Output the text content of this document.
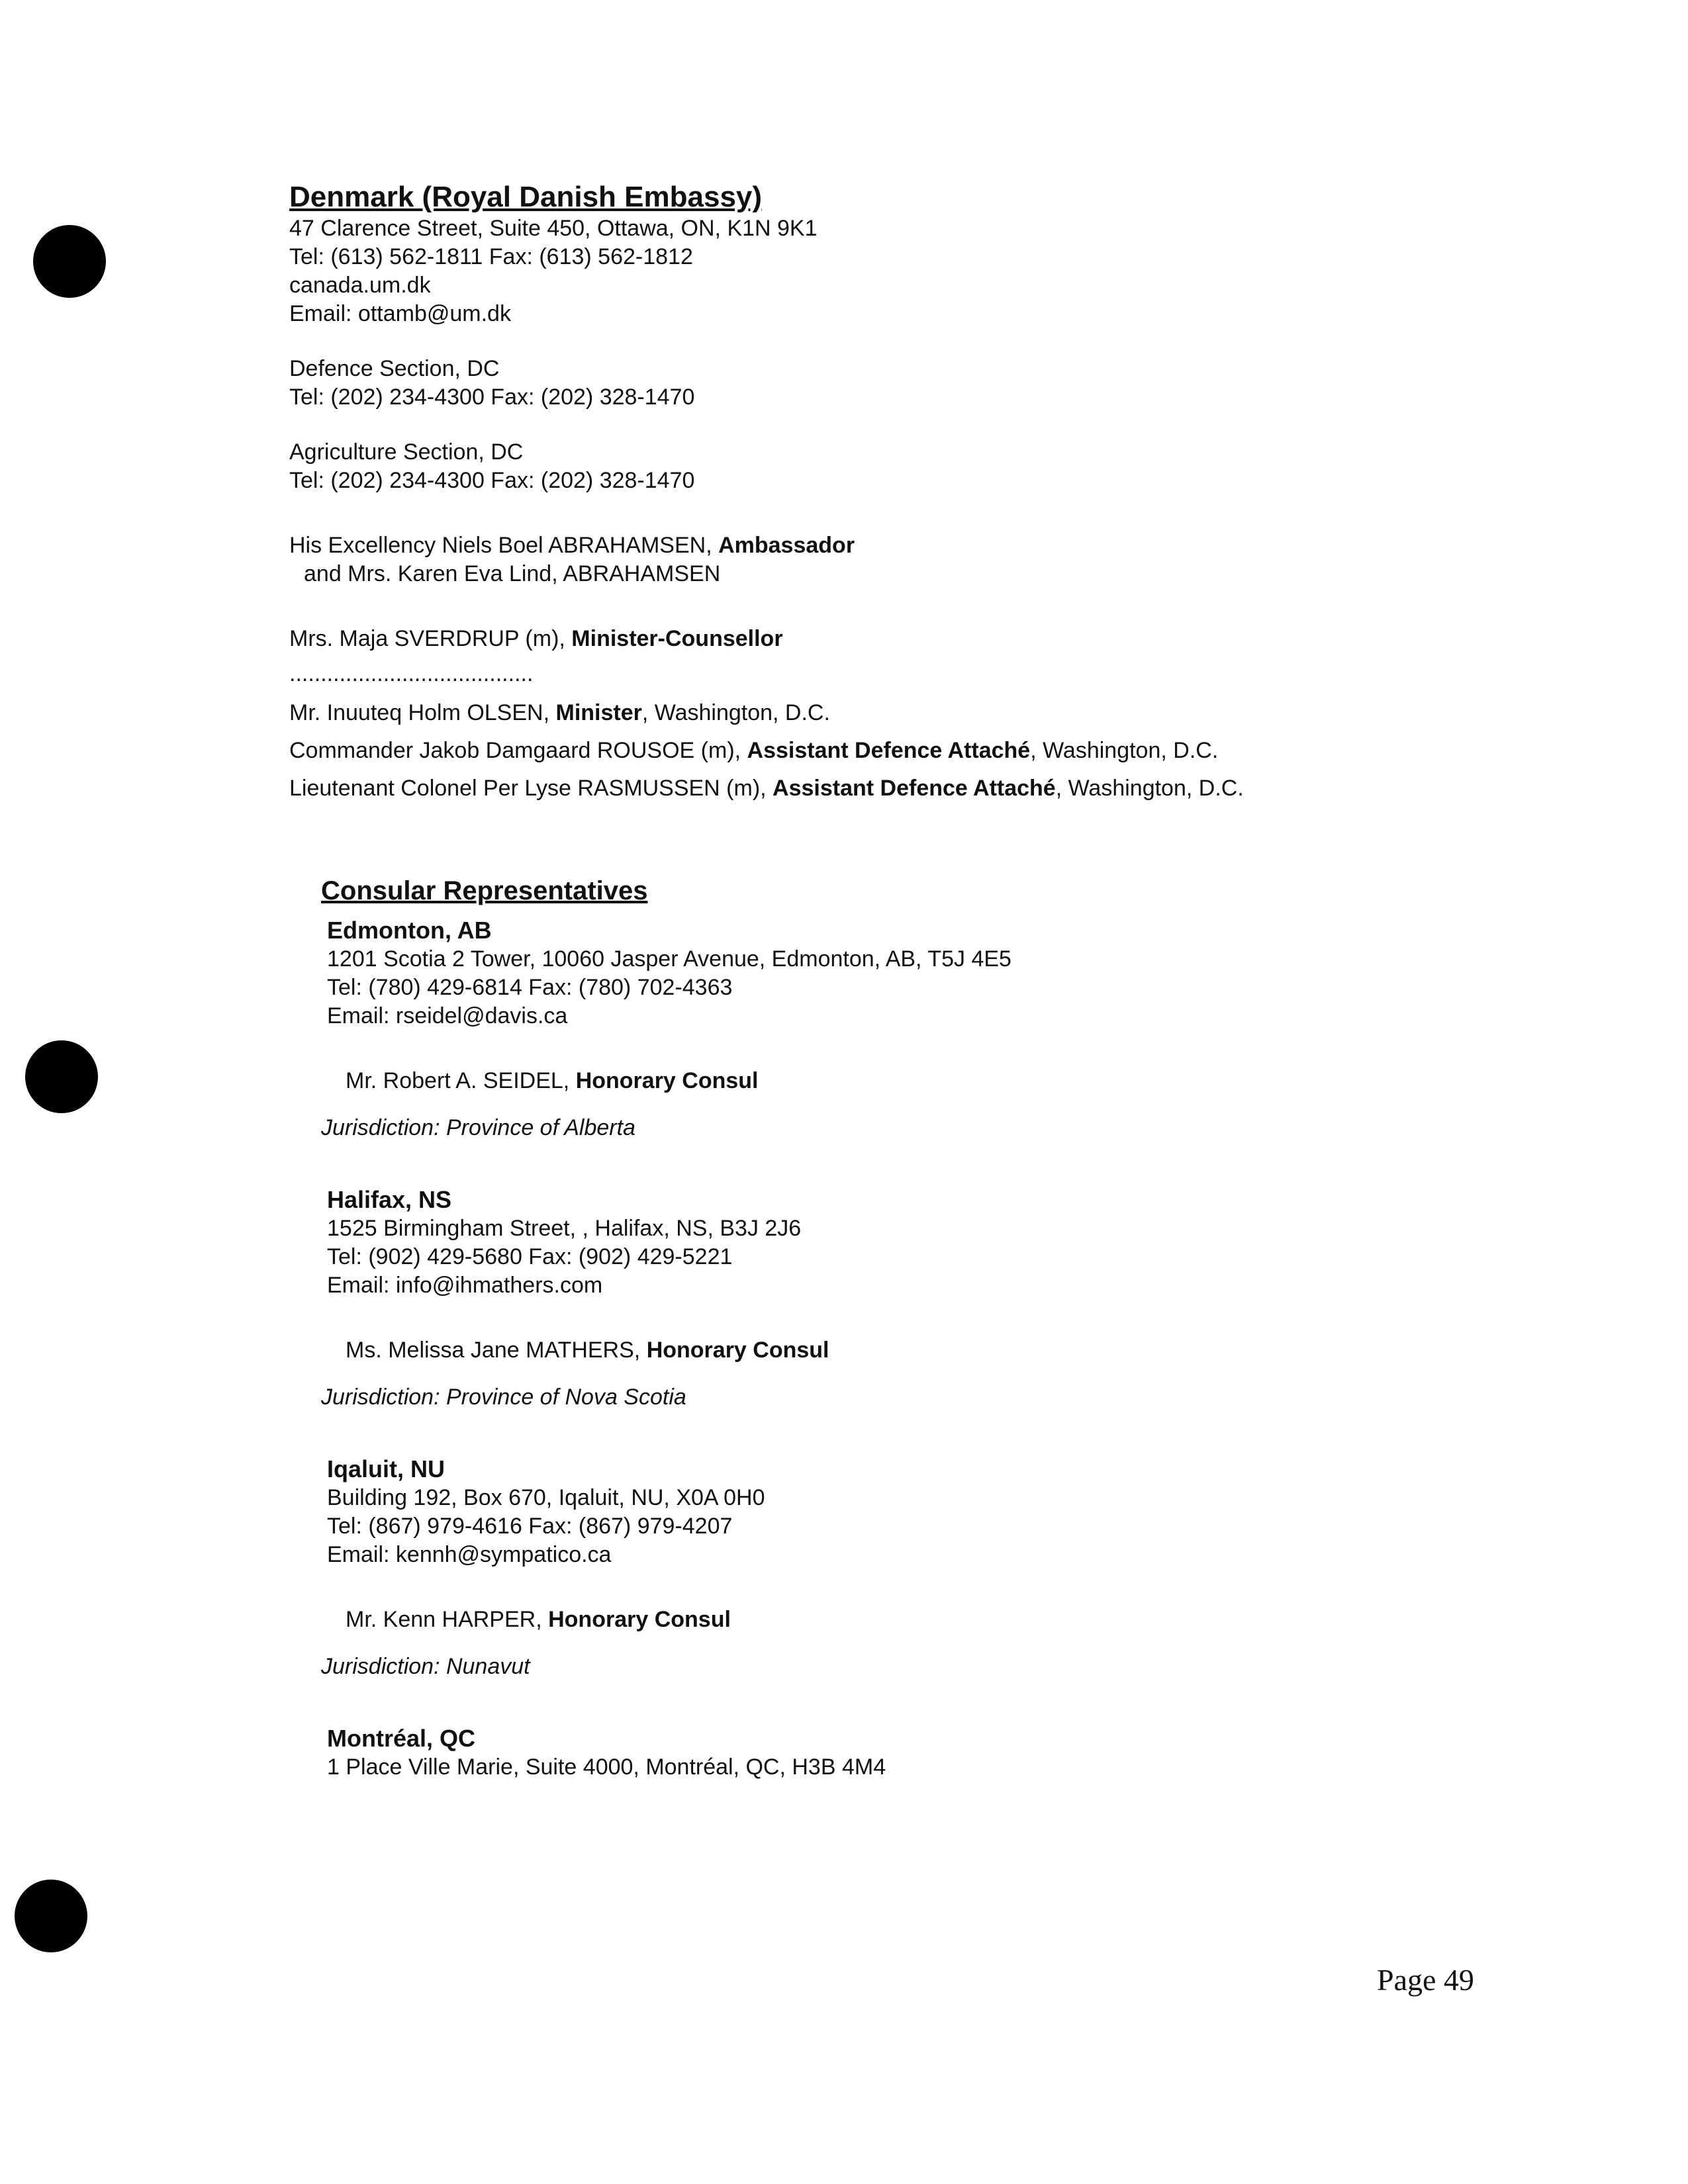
Denmark (Royal Danish Embassy)
47 Clarence Street, Suite 450, Ottawa, ON, K1N 9K1
Tel: (613) 562-1811 Fax: (613) 562-1812
canada.um.dk
Email: ottamb@um.dk
Defence Section, DC
Tel: (202) 234-4300 Fax: (202) 328-1470
Agriculture Section, DC
Tel: (202) 234-4300 Fax: (202) 328-1470
His Excellency Niels Boel ABRAHAMSEN, Ambassador
and Mrs. Karen Eva Lind, ABRAHAMSEN
Mrs. Maja SVERDRUP (m), Minister-Counsellor
.......................................
Mr. Inuuteq Holm OLSEN, Minister, Washington, D.C.
Commander Jakob Damgaard ROUSOE (m), Assistant Defence Attaché, Washington, D.C.
Lieutenant Colonel Per Lyse RASMUSSEN (m), Assistant Defence Attaché, Washington, D.C.
Consular Representatives
Edmonton, AB
1201 Scotia 2 Tower, 10060 Jasper Avenue, Edmonton, AB, T5J 4E5
Tel: (780) 429-6814 Fax: (780) 702-4363
Email: rseidel@davis.ca
Mr. Robert A. SEIDEL, Honorary Consul
Jurisdiction: Province of Alberta
Halifax, NS
1525 Birmingham Street, , Halifax, NS, B3J 2J6
Tel: (902) 429-5680 Fax: (902) 429-5221
Email: info@ihmathers.com
Ms. Melissa Jane MATHERS, Honorary Consul
Jurisdiction: Province of Nova Scotia
Iqaluit, NU
Building 192, Box 670, Iqaluit, NU, X0A 0H0
Tel: (867) 979-4616 Fax: (867) 979-4207
Email: kennh@sympatico.ca
Mr. Kenn HARPER, Honorary Consul
Jurisdiction: Nunavut
Montréal, QC
1 Place Ville Marie, Suite 4000, Montréal, QC, H3B 4M4
Page 49
